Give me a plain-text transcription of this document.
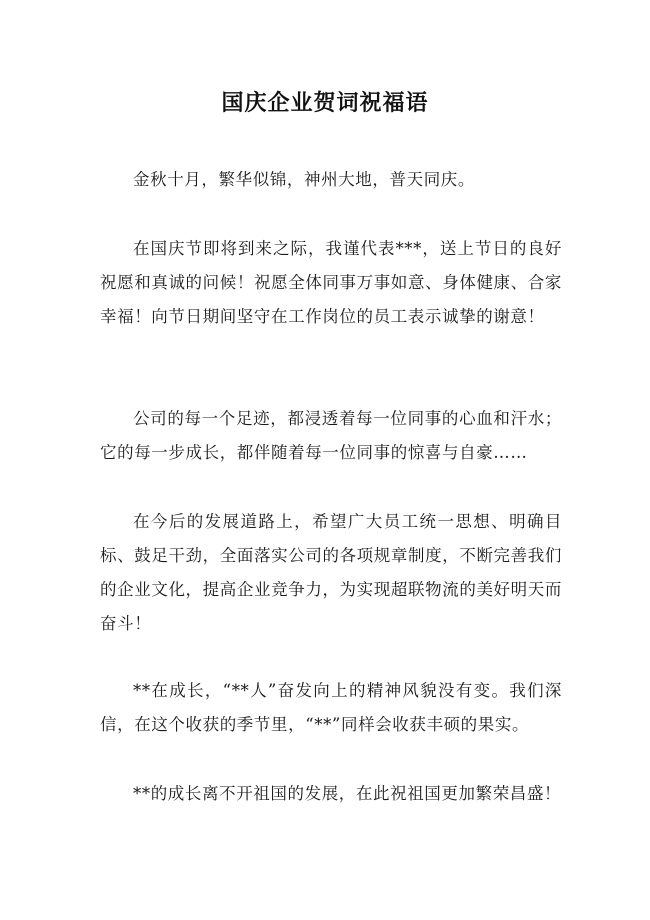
国庆企业贺词祝福语

金秋十月，繁华似锦，神州大地，普天同庆。

在国庆节即将到来之际，我谨代表***，送上节日的良好祝愿和真诚的问候！祝愿全体同事万事如意、身体健康、合家幸福！向节日期间坚守在工作岗位的员工表示诚挚的谢意！

公司的每一个足迹，都浸透着每一位同事的心血和汗水；它的每一步成长，都伴随着每一位同事的惊喜与自豪……

在今后的发展道路上，希望广大员工统一思想、明确目标、鼓足干劲，全面落实公司的各项规章制度，不断完善我们的企业文化，提高企业竞争力，为实现超联物流的美好明天而奋斗！

**在成长，“**人”奋发向上的精神风貌没有变。我们深信，在这个收获的季节里，“**”同样会收获丰硕的果实。

**的成长离不开祖国的发展，在此祝祖国更加繁荣昌盛！
